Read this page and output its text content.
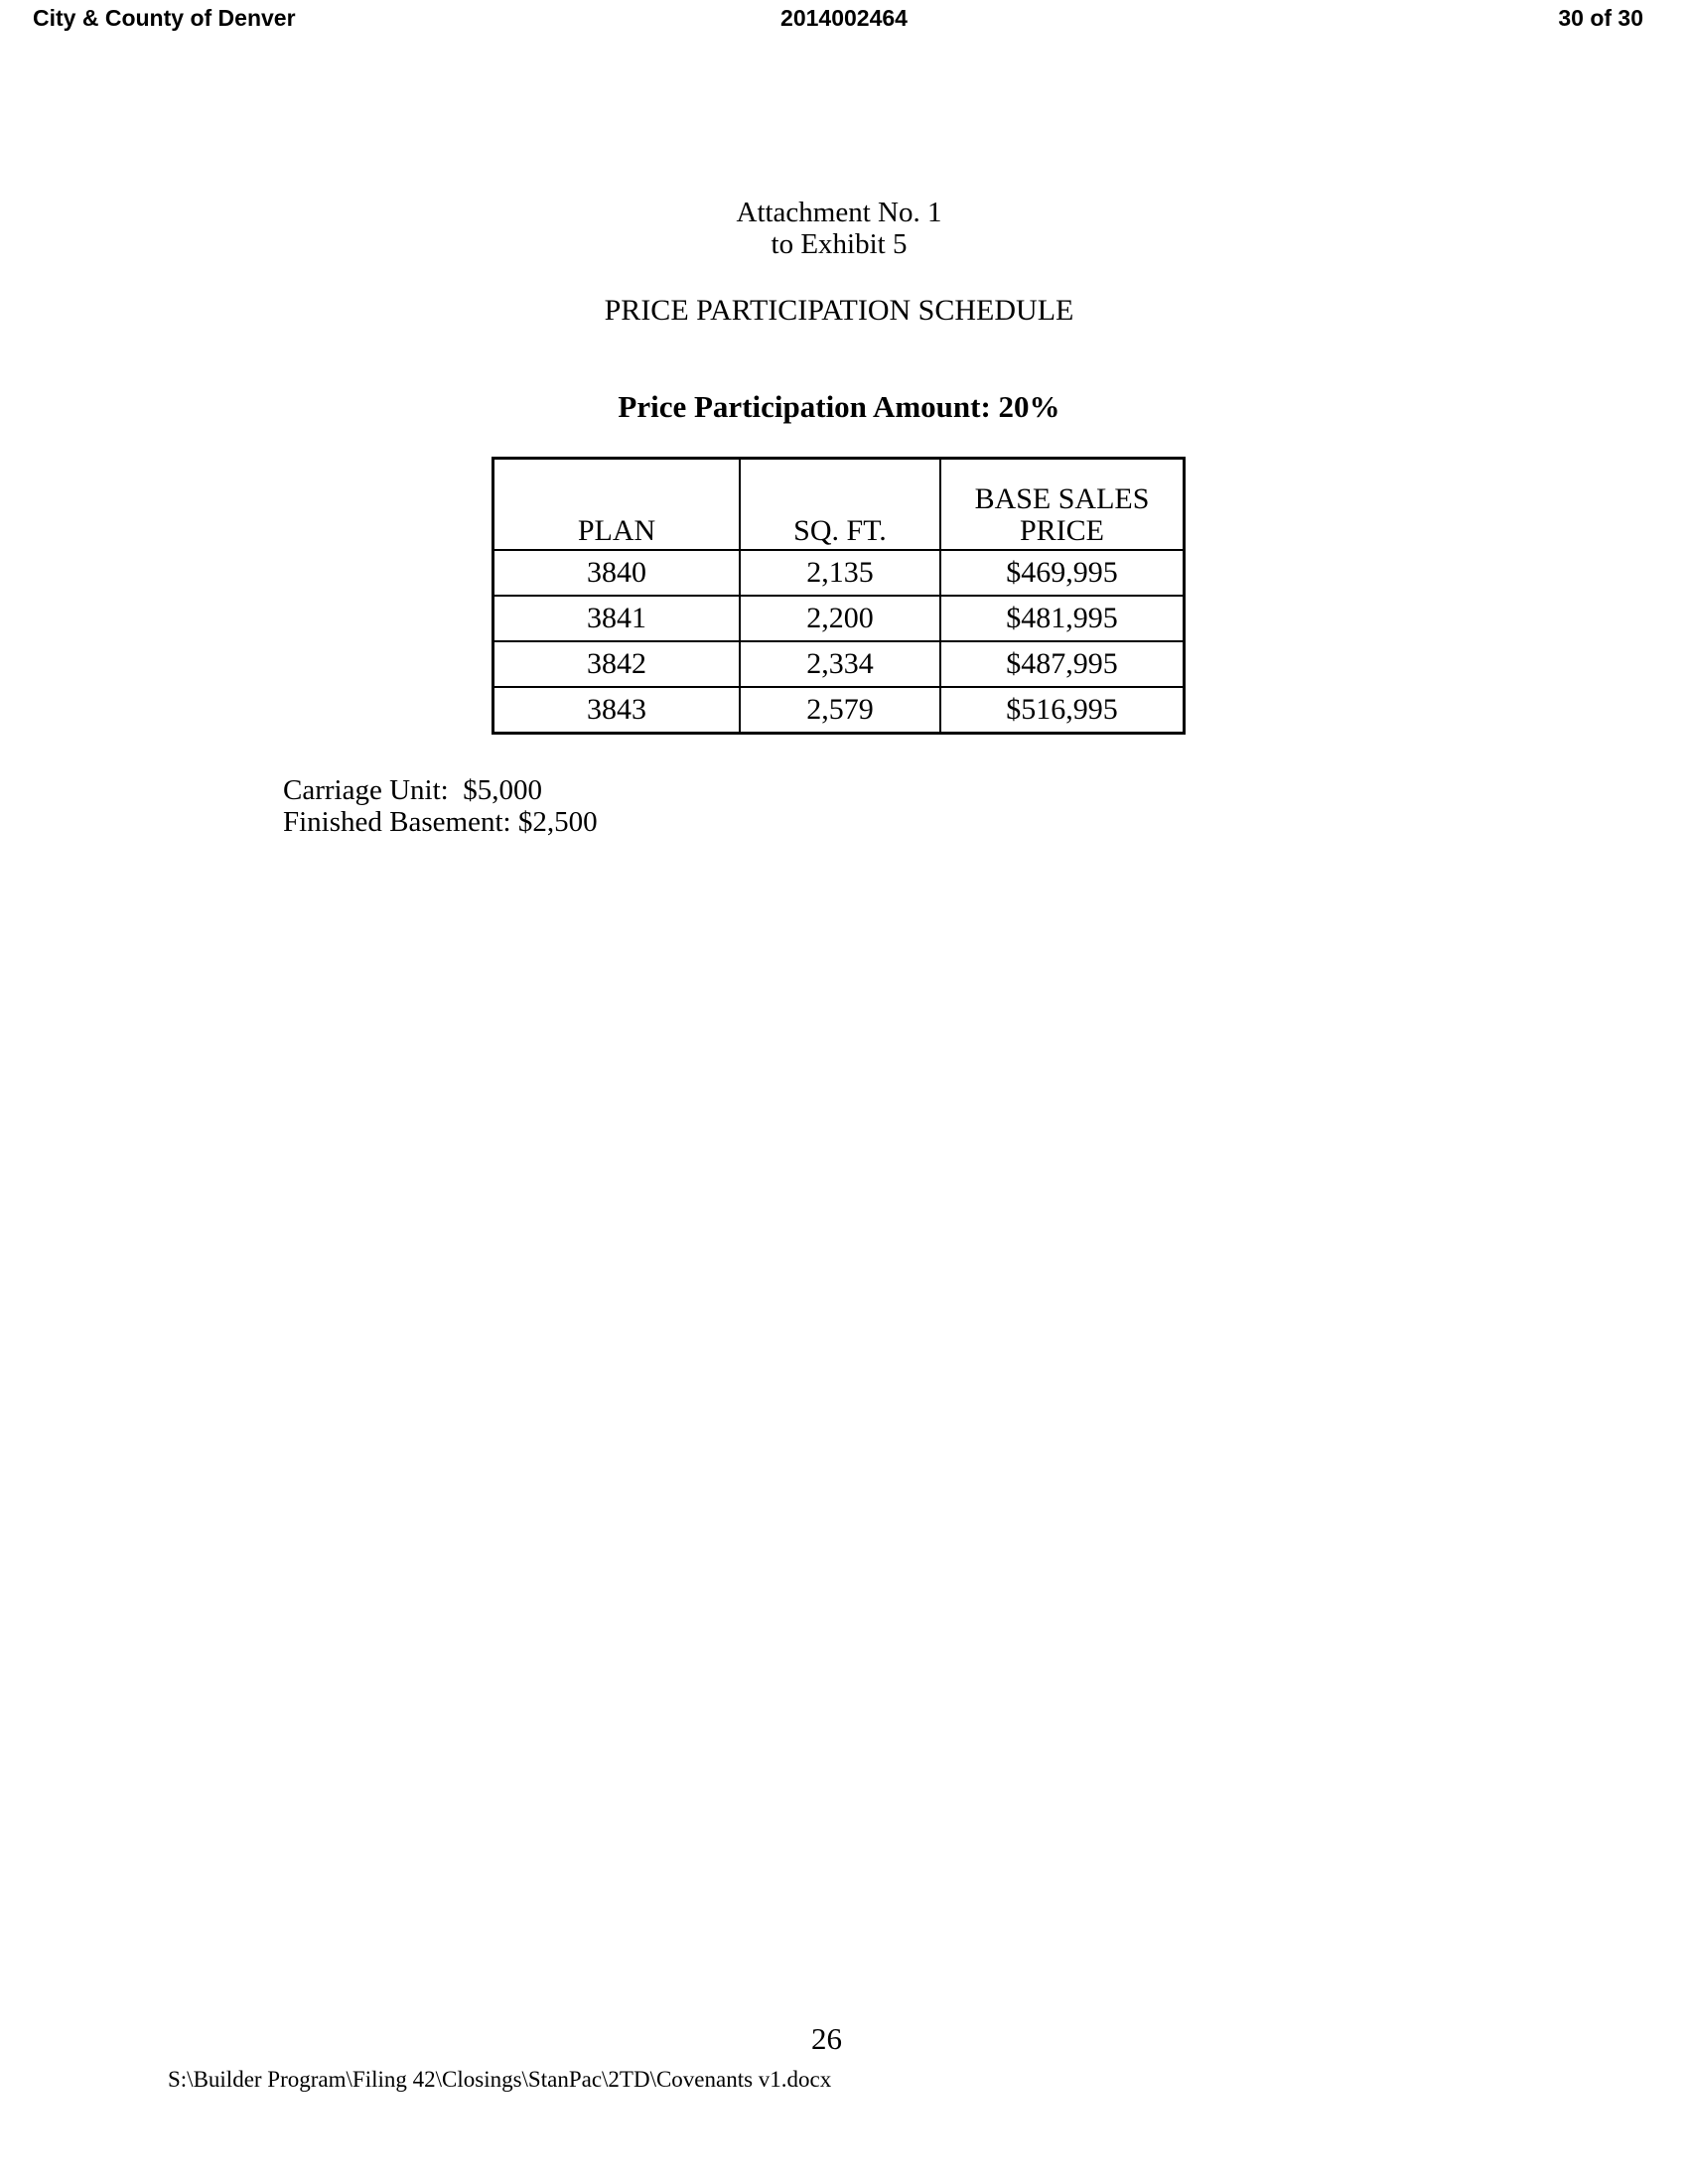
City & County of Denver	2014002464	30 of 30
Attachment No. 1
to Exhibit 5
PRICE PARTICIPATION SCHEDULE
Price Participation Amount: 20%
PLAN	SQ. FT.	BASE SALES
PRICE
3840	2,135	$469,995
3841	2,200	$481,995
3842	2,334	$487,995
3843	2,579	$516,995
Carriage Unit:  $5,000
Finished Basement: $2,500
26
S:\Builder Program\Filing 42\Closings\StanPac\2TD\Covenants v1.docx
